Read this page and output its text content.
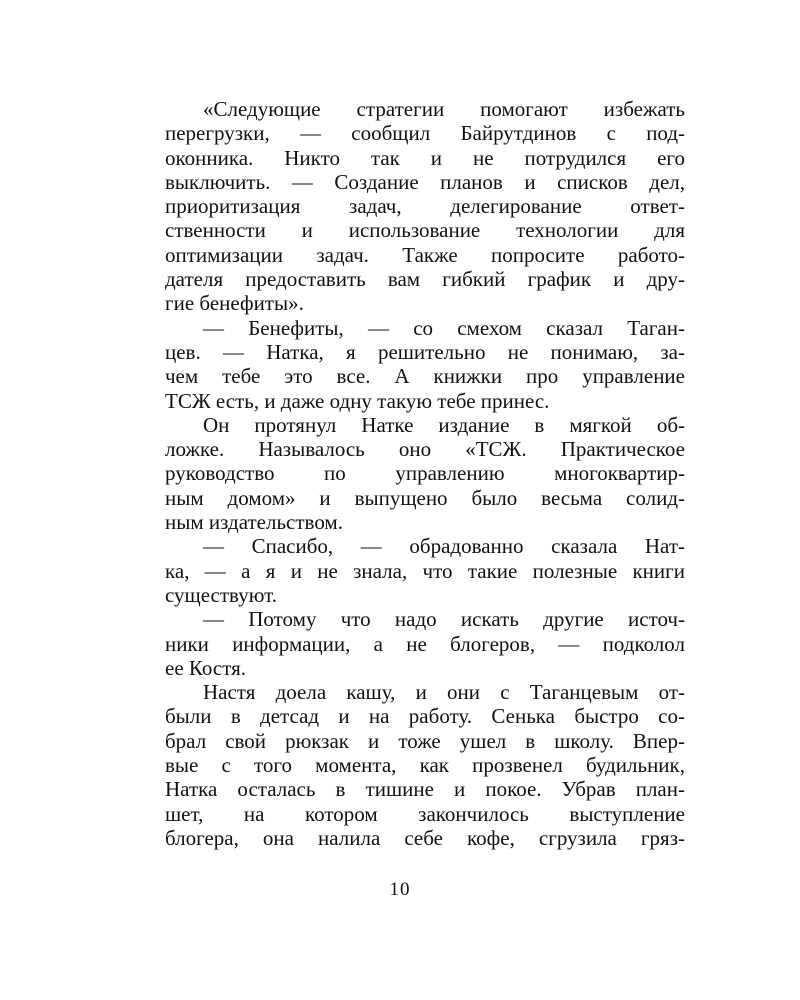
«Следующие стратегии помогают избежать
перегрузки, — сообщил Байрутдинов с под-
оконника. Никто так и не потрудился его
выключить. — Создание планов и списков дел,
приоритизация задач, делегирование ответ-
ственности и использование технологии для
оптимизации задач. Также попросите работо-
дателя предоставить вам гибкий график и дру-
гие бенефиты».
— Бенефиты, — со смехом сказал Таган-
цев. — Натка, я решительно не понимаю, за-
чем тебе это все. А книжки про управление
ТСЖ есть, и даже одну такую тебе принес.
Он протянул Натке издание в мягкой об-
ложке. Называлось оно «ТСЖ. Практическое
руководство по управлению многоквартир-
ным домом» и выпущено было весьма солид-
ным издательством.
— Спасибо, — обрадованно сказала Нат-
ка, — а я и не знала, что такие полезные книги
существуют.
— Потому что надо искать другие источ-
ники информации, а не блогеров, — подколол
ее Костя.
Настя доела кашу, и они с Таганцевым от-
были в детсад и на работу. Сенька быстро со-
брал свой рюкзак и тоже ушел в школу. Впер-
вые с того момента, как прозвенел будильник,
Натка осталась в тишине и покое. Убрав план-
шет, на котором закончилось выступление
блогера, она налила себе кофе, сгрузила гряз-
10
